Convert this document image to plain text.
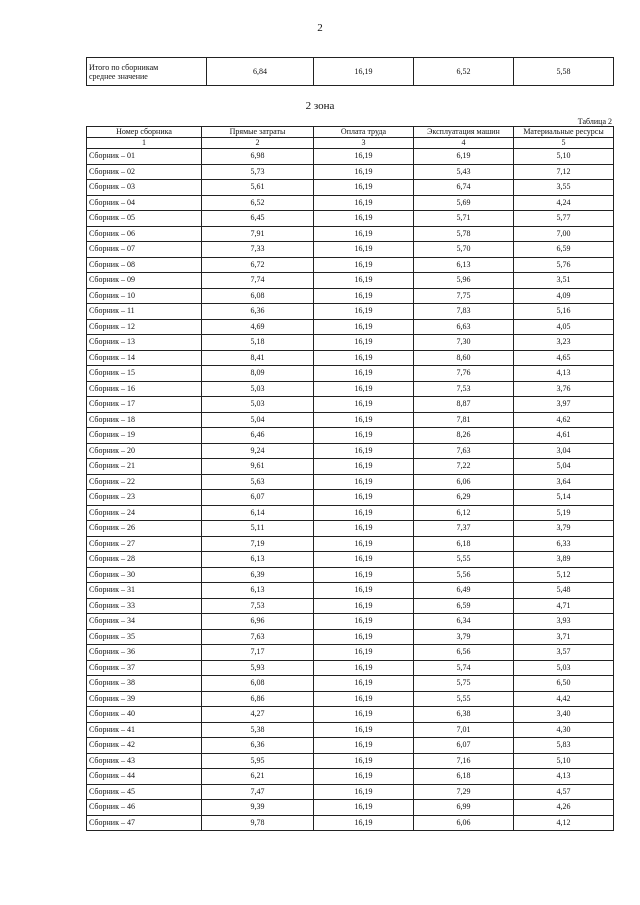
2
Итого по сборникам
среднее значение	6,84	16,19	6,52	5,58
2 зона
Таблица 2
Номер сборника	Прямые затраты	Оплата труда	Эксплуатация машин	Материальные ресурсы
1	2	3	4	5
Сборник – 01	6,98	16,19	6,19	5,10
Сборник – 02	5,73	16,19	5,43	7,12
Сборник – 03	5,61	16,19	6,74	3,55
Сборник – 04	6,52	16,19	5,69	4,24
Сборник – 05	6,45	16,19	5,71	5,77
Сборник – 06	7,91	16,19	5,78	7,00
Сборник – 07	7,33	16,19	5,70	6,59
Сборник – 08	6,72	16,19	6,13	5,76
Сборник – 09	7,74	16,19	5,96	3,51
Сборник – 10	6,08	16,19	7,75	4,09
Сборник – 11	6,36	16,19	7,83	5,16
Сборник – 12	4,69	16,19	6,63	4,05
Сборник – 13	5,18	16,19	7,30	3,23
Сборник – 14	8,41	16,19	8,60	4,65
Сборник – 15	8,09	16,19	7,76	4,13
Сборник – 16	5,03	16,19	7,53	3,76
Сборник – 17	5,03	16,19	8,87	3,97
Сборник – 18	5,04	16,19	7,81	4,62
Сборник – 19	6,46	16,19	8,26	4,61
Сборник – 20	9,24	16,19	7,63	3,04
Сборник – 21	9,61	16,19	7,22	5,04
Сборник – 22	5,63	16,19	6,06	3,64
Сборник – 23	6,07	16,19	6,29	5,14
Сборник – 24	6,14	16,19	6,12	5,19
Сборник – 26	5,11	16,19	7,37	3,79
Сборник – 27	7,19	16,19	6,18	6,33
Сборник – 28	6,13	16,19	5,55	3,89
Сборник – 30	6,39	16,19	5,56	5,12
Сборник – 31	6,13	16,19	6,49	5,48
Сборник – 33	7,53	16,19	6,59	4,71
Сборник – 34	6,96	16,19	6,34	3,93
Сборник – 35	7,63	16,19	3,79	3,71
Сборник – 36	7,17	16,19	6,56	3,57
Сборник – 37	5,93	16,19	5,74	5,03
Сборник – 38	6,08	16,19	5,75	6,50
Сборник – 39	6,86	16,19	5,55	4,42
Сборник – 40	4,27	16,19	6,38	3,40
Сборник – 41	5,38	16,19	7,01	4,30
Сборник – 42	6,36	16,19	6,07	5,83
Сборник – 43	5,95	16,19	7,16	5,10
Сборник – 44	6,21	16,19	6,18	4,13
Сборник – 45	7,47	16,19	7,29	4,57
Сборник – 46	9,39	16,19	6,99	4,26
Сборник – 47	9,78	16,19	6,06	4,12
